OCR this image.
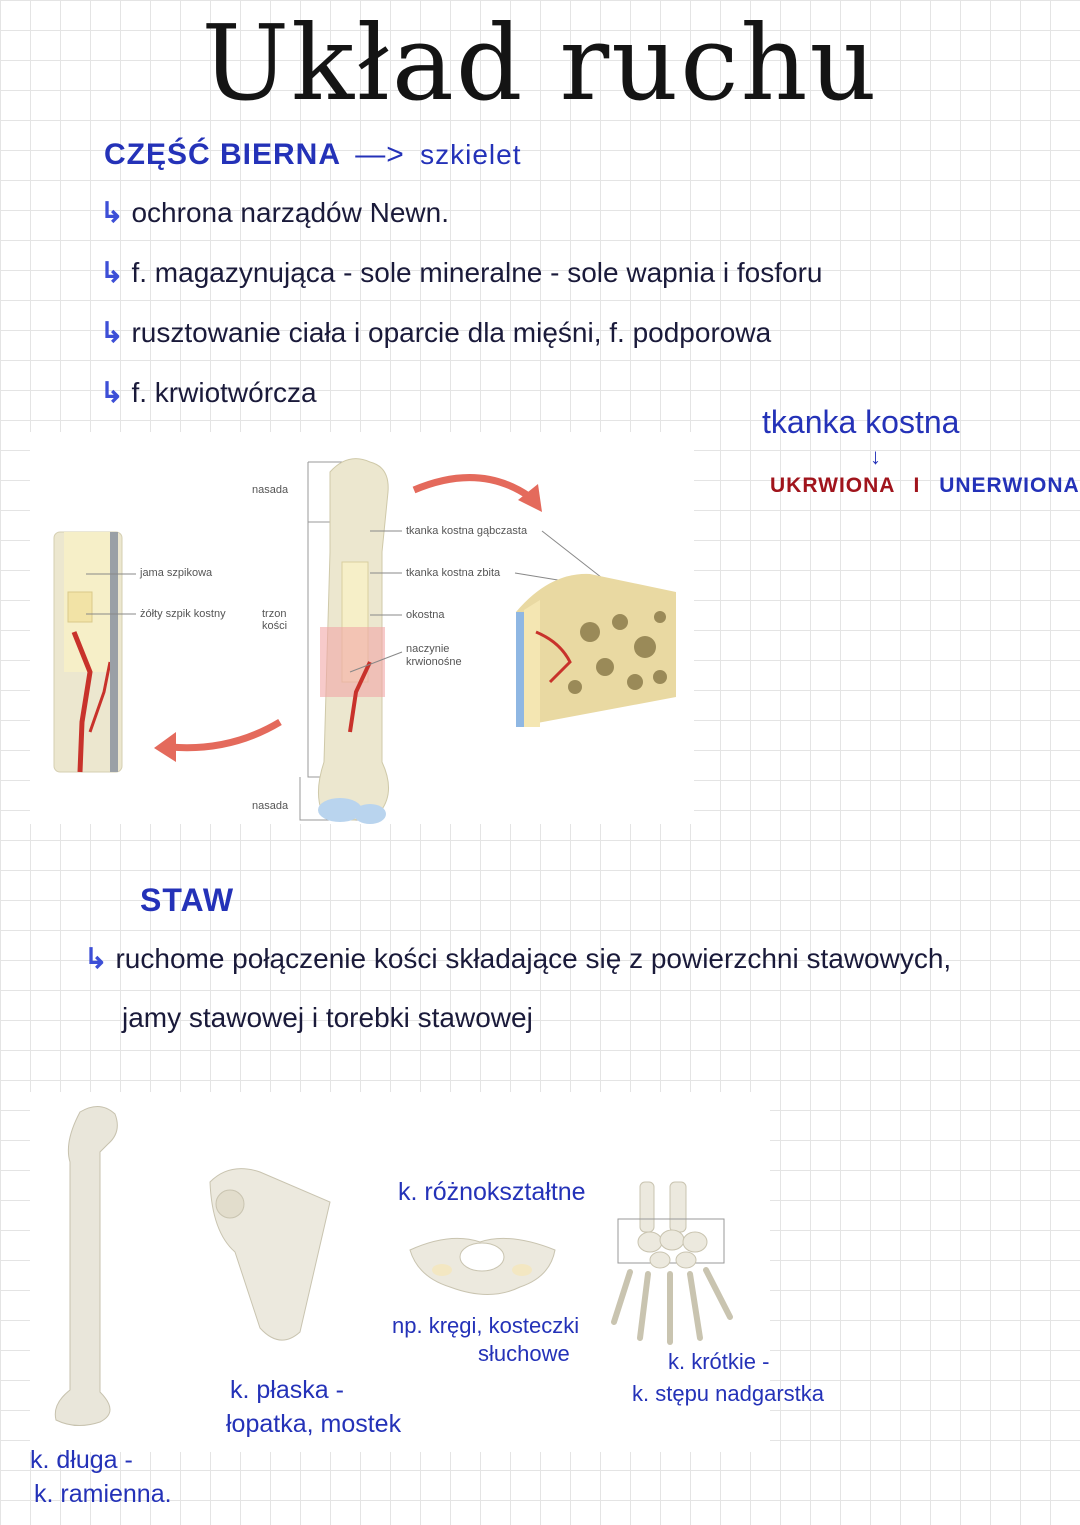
Układ ruchu
CZĘŚĆ BIERNA —> szkielet
↳ ochrona narządów Newn.
↳ f. magazynująca - sole mineralne - sole wapnia i fosforu
↳ rusztowanie ciała i oparcie dla mięśni, f. podporowa
↳ f. krwiotwórcza
tkanka kostna
↓
UKRWIONA I UNERWIONA
nasada
nasada
jama szpikowa
żółty szpik kostny	trzon kości
tkanka kostna gąbczasta
tkanka kostna zbita
okostna
naczynie krwionośne
STAW
↳ ruchome połączenie kości składające się z powierzchni stawowych,
jamy stawowej i torebki stawowej
k. różnokształtne
np. kręgi, kosteczki
słuchowe	k. krótkie -
k. stępu nadgarstka
k. płaska -
łopatka, mostek
k. długa -
k. ramienna.
